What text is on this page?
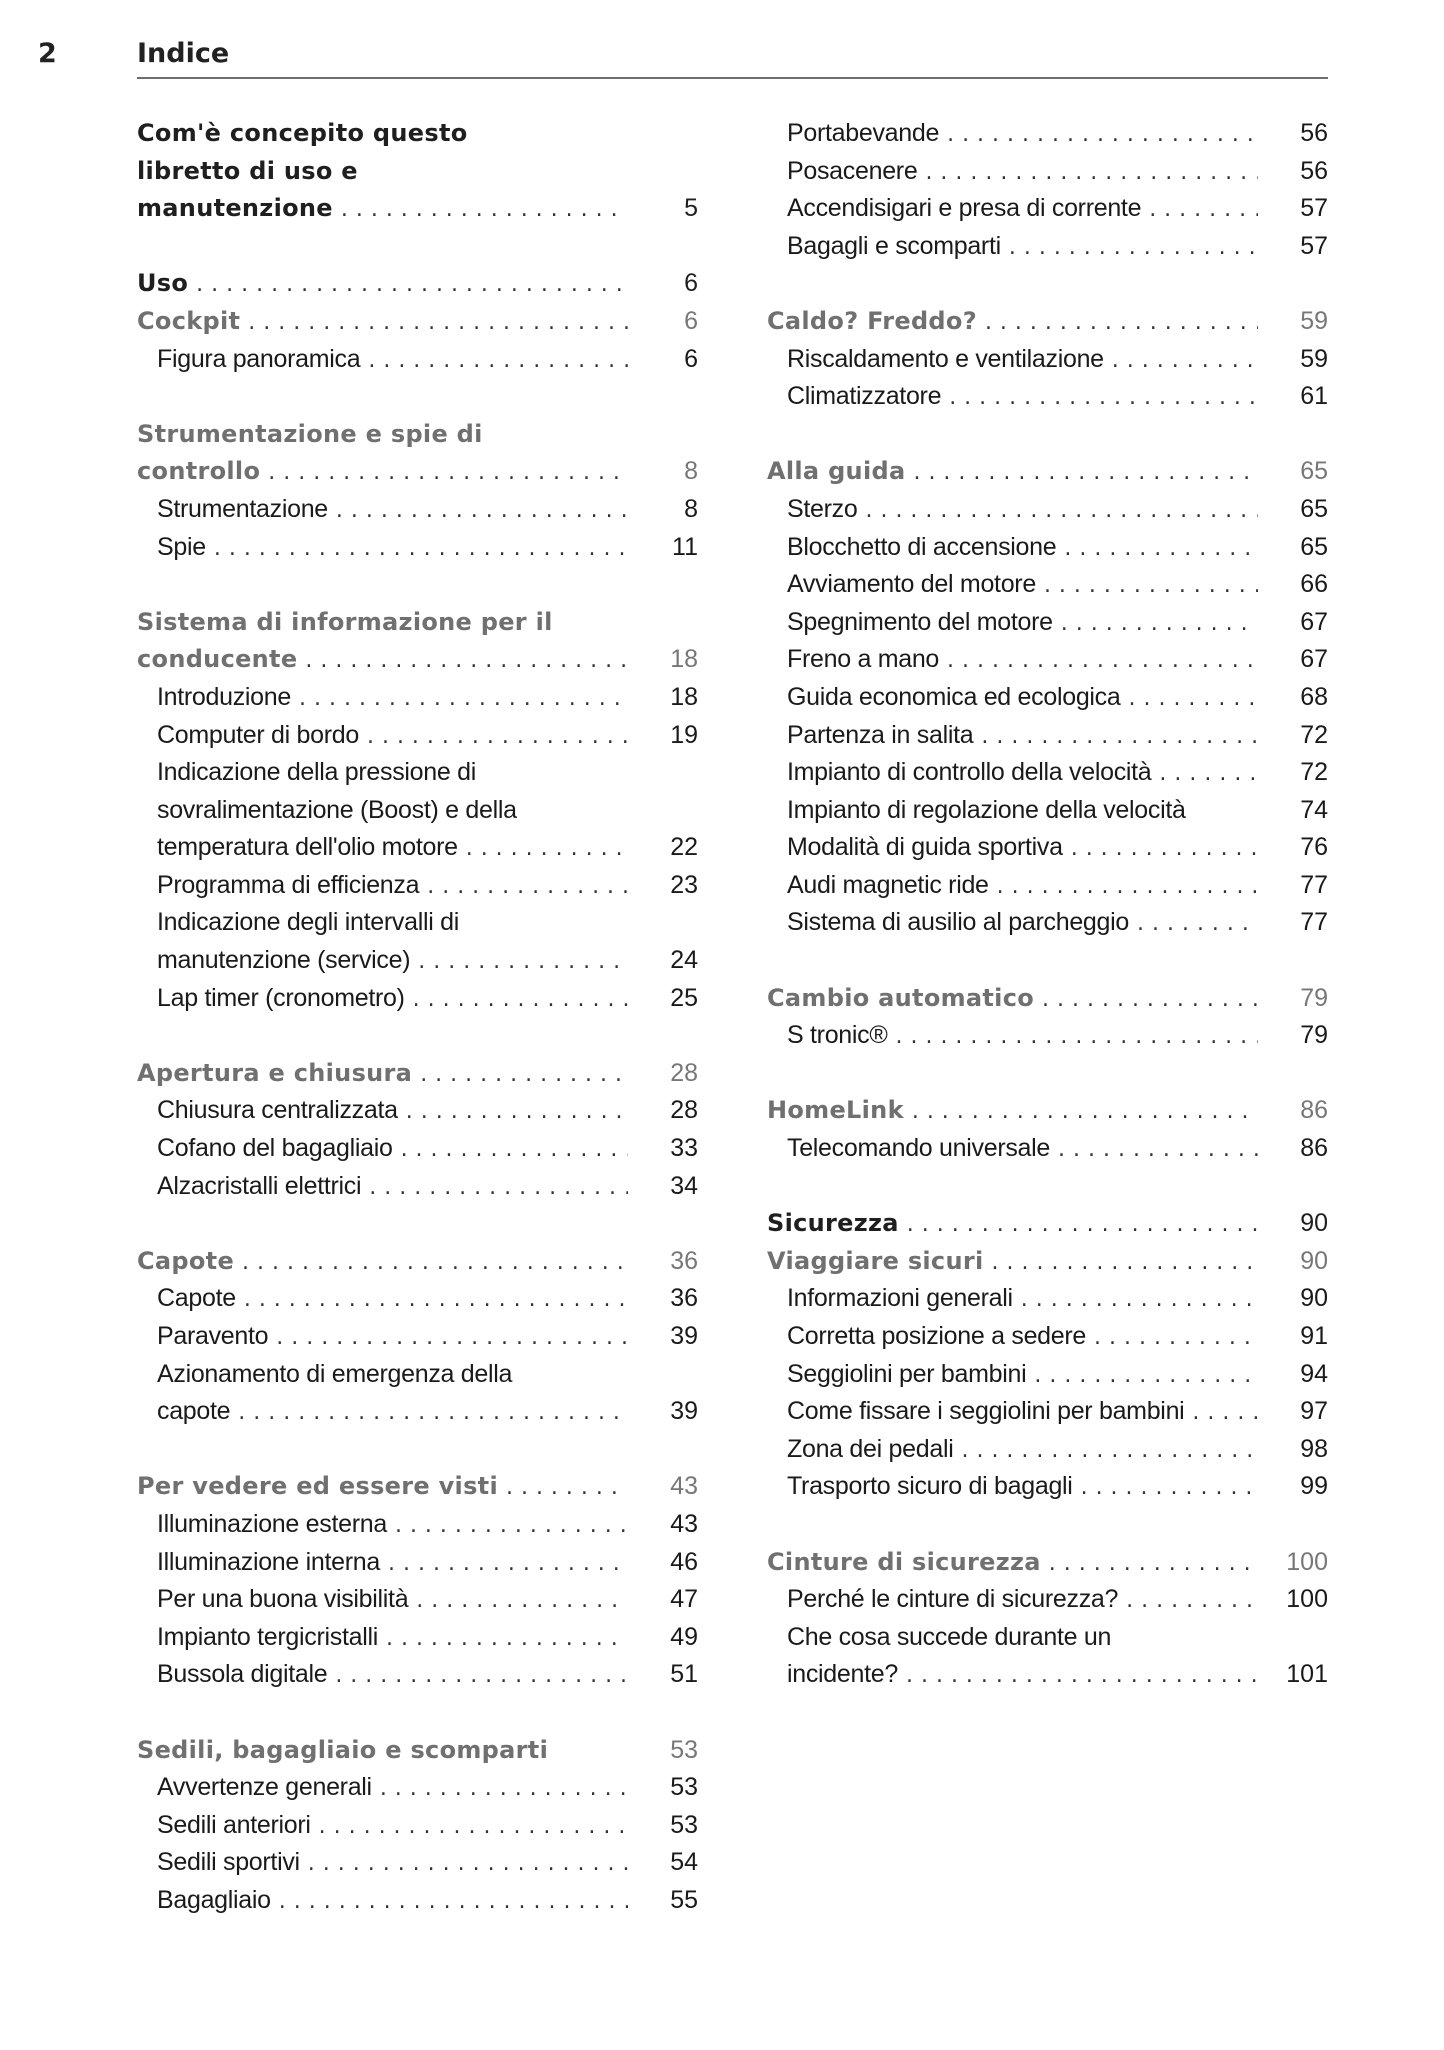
2	Indice
Com'è concepito questo
libretto di uso e
manutenzione . . .	5
Uso . . .	6
Cockpit . . .	6
Figura panoramica . . .	6
Strumentazione e spie di
controllo . . .	8
Strumentazione . . .	8
Spie . . .	11
Sistema di informazione per il
conducente . . .	18
Introduzione . . .	18
Computer di bordo . . .	19
Indicazione della pressione di
sovralimentazione (Boost) e della
temperatura dell'olio motore . . .	22
Programma di efficienza . . .	23
Indicazione degli intervalli di
manutenzione (service) . . .	24
Lap timer (cronometro) . . .	25
Apertura e chiusura . . .	28
Chiusura centralizzata . . .	28
Cofano del bagagliaio . . .	33
Alzacristalli elettrici . . .	34
Capote . . .	36
Capote . . .	36
Paravento . . .	39
Azionamento di emergenza della
capote . . .	39
Per vedere ed essere visti . . .	43
Illuminazione esterna . . .	43
Illuminazione interna . . .	46
Per una buona visibilità . . .	47
Impianto tergicristalli . . .	49
Bussola digitale . . .	51
Sedili, bagagliaio e scomparti	53
Avvertenze generali . . .	53
Sedili anteriori . . .	53
Sedili sportivi . . .	54
Bagagliaio . . .	55
Portabevande . . .	56
Posacenere . . .	56
Accendisigari e presa di corrente . . .	57
Bagagli e scomparti . . .	57
Caldo? Freddo? . . .	59
Riscaldamento e ventilazione . . .	59
Climatizzatore . . .	61
Alla guida . . .	65
Sterzo . . .	65
Blocchetto di accensione . . .	65
Avviamento del motore . . .	66
Spegnimento del motore . . .	67
Freno a mano . . .	67
Guida economica ed ecologica . . .	68
Partenza in salita . . .	72
Impianto di controllo della velocità . . .	72
Impianto di regolazione della velocità	74
Modalità di guida sportiva . . .	76
Audi magnetic ride . . .	77
Sistema di ausilio al parcheggio . . .	77
Cambio automatico . . .	79
S tronic® . . .	79
HomeLink . . .	86
Telecomando universale . . .	86
Sicurezza . . .	90
Viaggiare sicuri . . .	90
Informazioni generali . . .	90
Corretta posizione a sedere . . .	91
Seggiolini per bambini . . .	94
Come fissare i seggiolini per bambini . . .	97
Zona dei pedali . . .	98
Trasporto sicuro di bagagli . . .	99
Cinture di sicurezza . . .	100
Perché le cinture di sicurezza? . . .	100
Che cosa succede durante un
incidente? . . .	101
